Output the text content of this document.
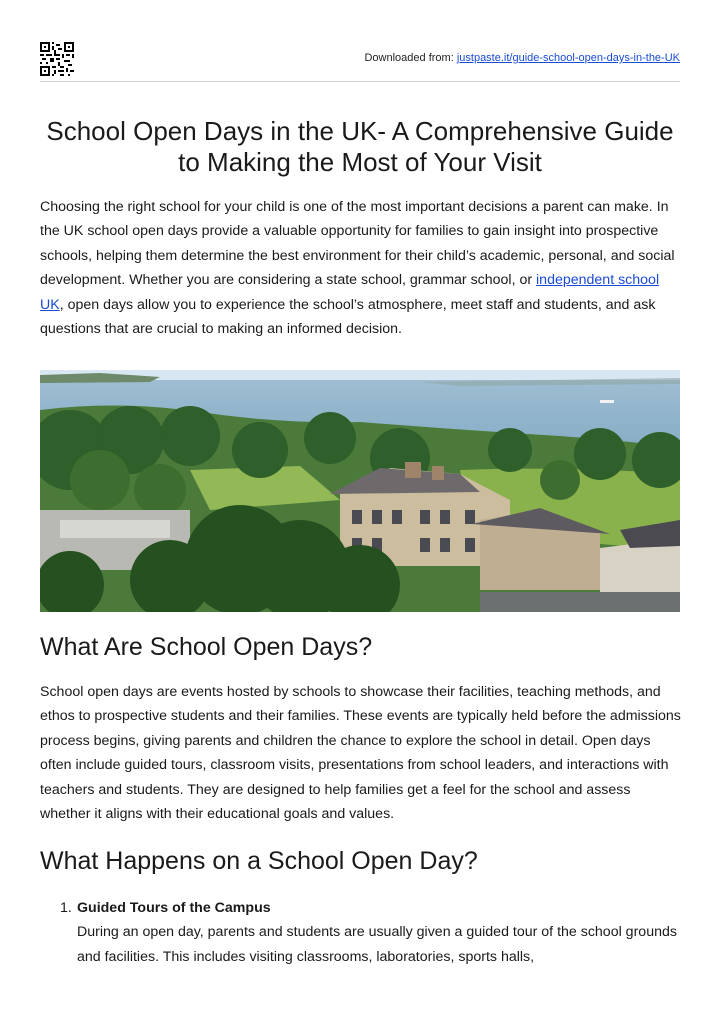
Downloaded from: justpaste.it/guide-school-open-days-in-the-UK
School Open Days in the UK- A Comprehensive Guide to Making the Most of Your Visit

Choosing the right school for your child is one of the most important decisions a parent can make. In the UK school open days provide a valuable opportunity for families to gain insight into prospective schools, helping them determine the best environment for their child’s academic, personal, and social development. Whether you are considering a state school, grammar school, or independent school UK, open days allow you to experience the school’s atmosphere, meet staff and students, and ask questions that are crucial to making an informed decision.

What Are School Open Days?

School open days are events hosted by schools to showcase their facilities, teaching methods, and ethos to prospective students and their families. These events are typically held before the admissions process begins, giving parents and children the chance to explore the school in detail. Open days often include guided tours, classroom visits, presentations from school leaders, and interactions with teachers and students. They are designed to help families get a feel for the school and assess whether it aligns with their educational goals and values.

What Happens on a School Open Day?
1. Guided Tours of the Campus
During an open day, parents and students are usually given a guided tour of the school grounds and facilities. This includes visiting classrooms, laboratories, sports halls,
